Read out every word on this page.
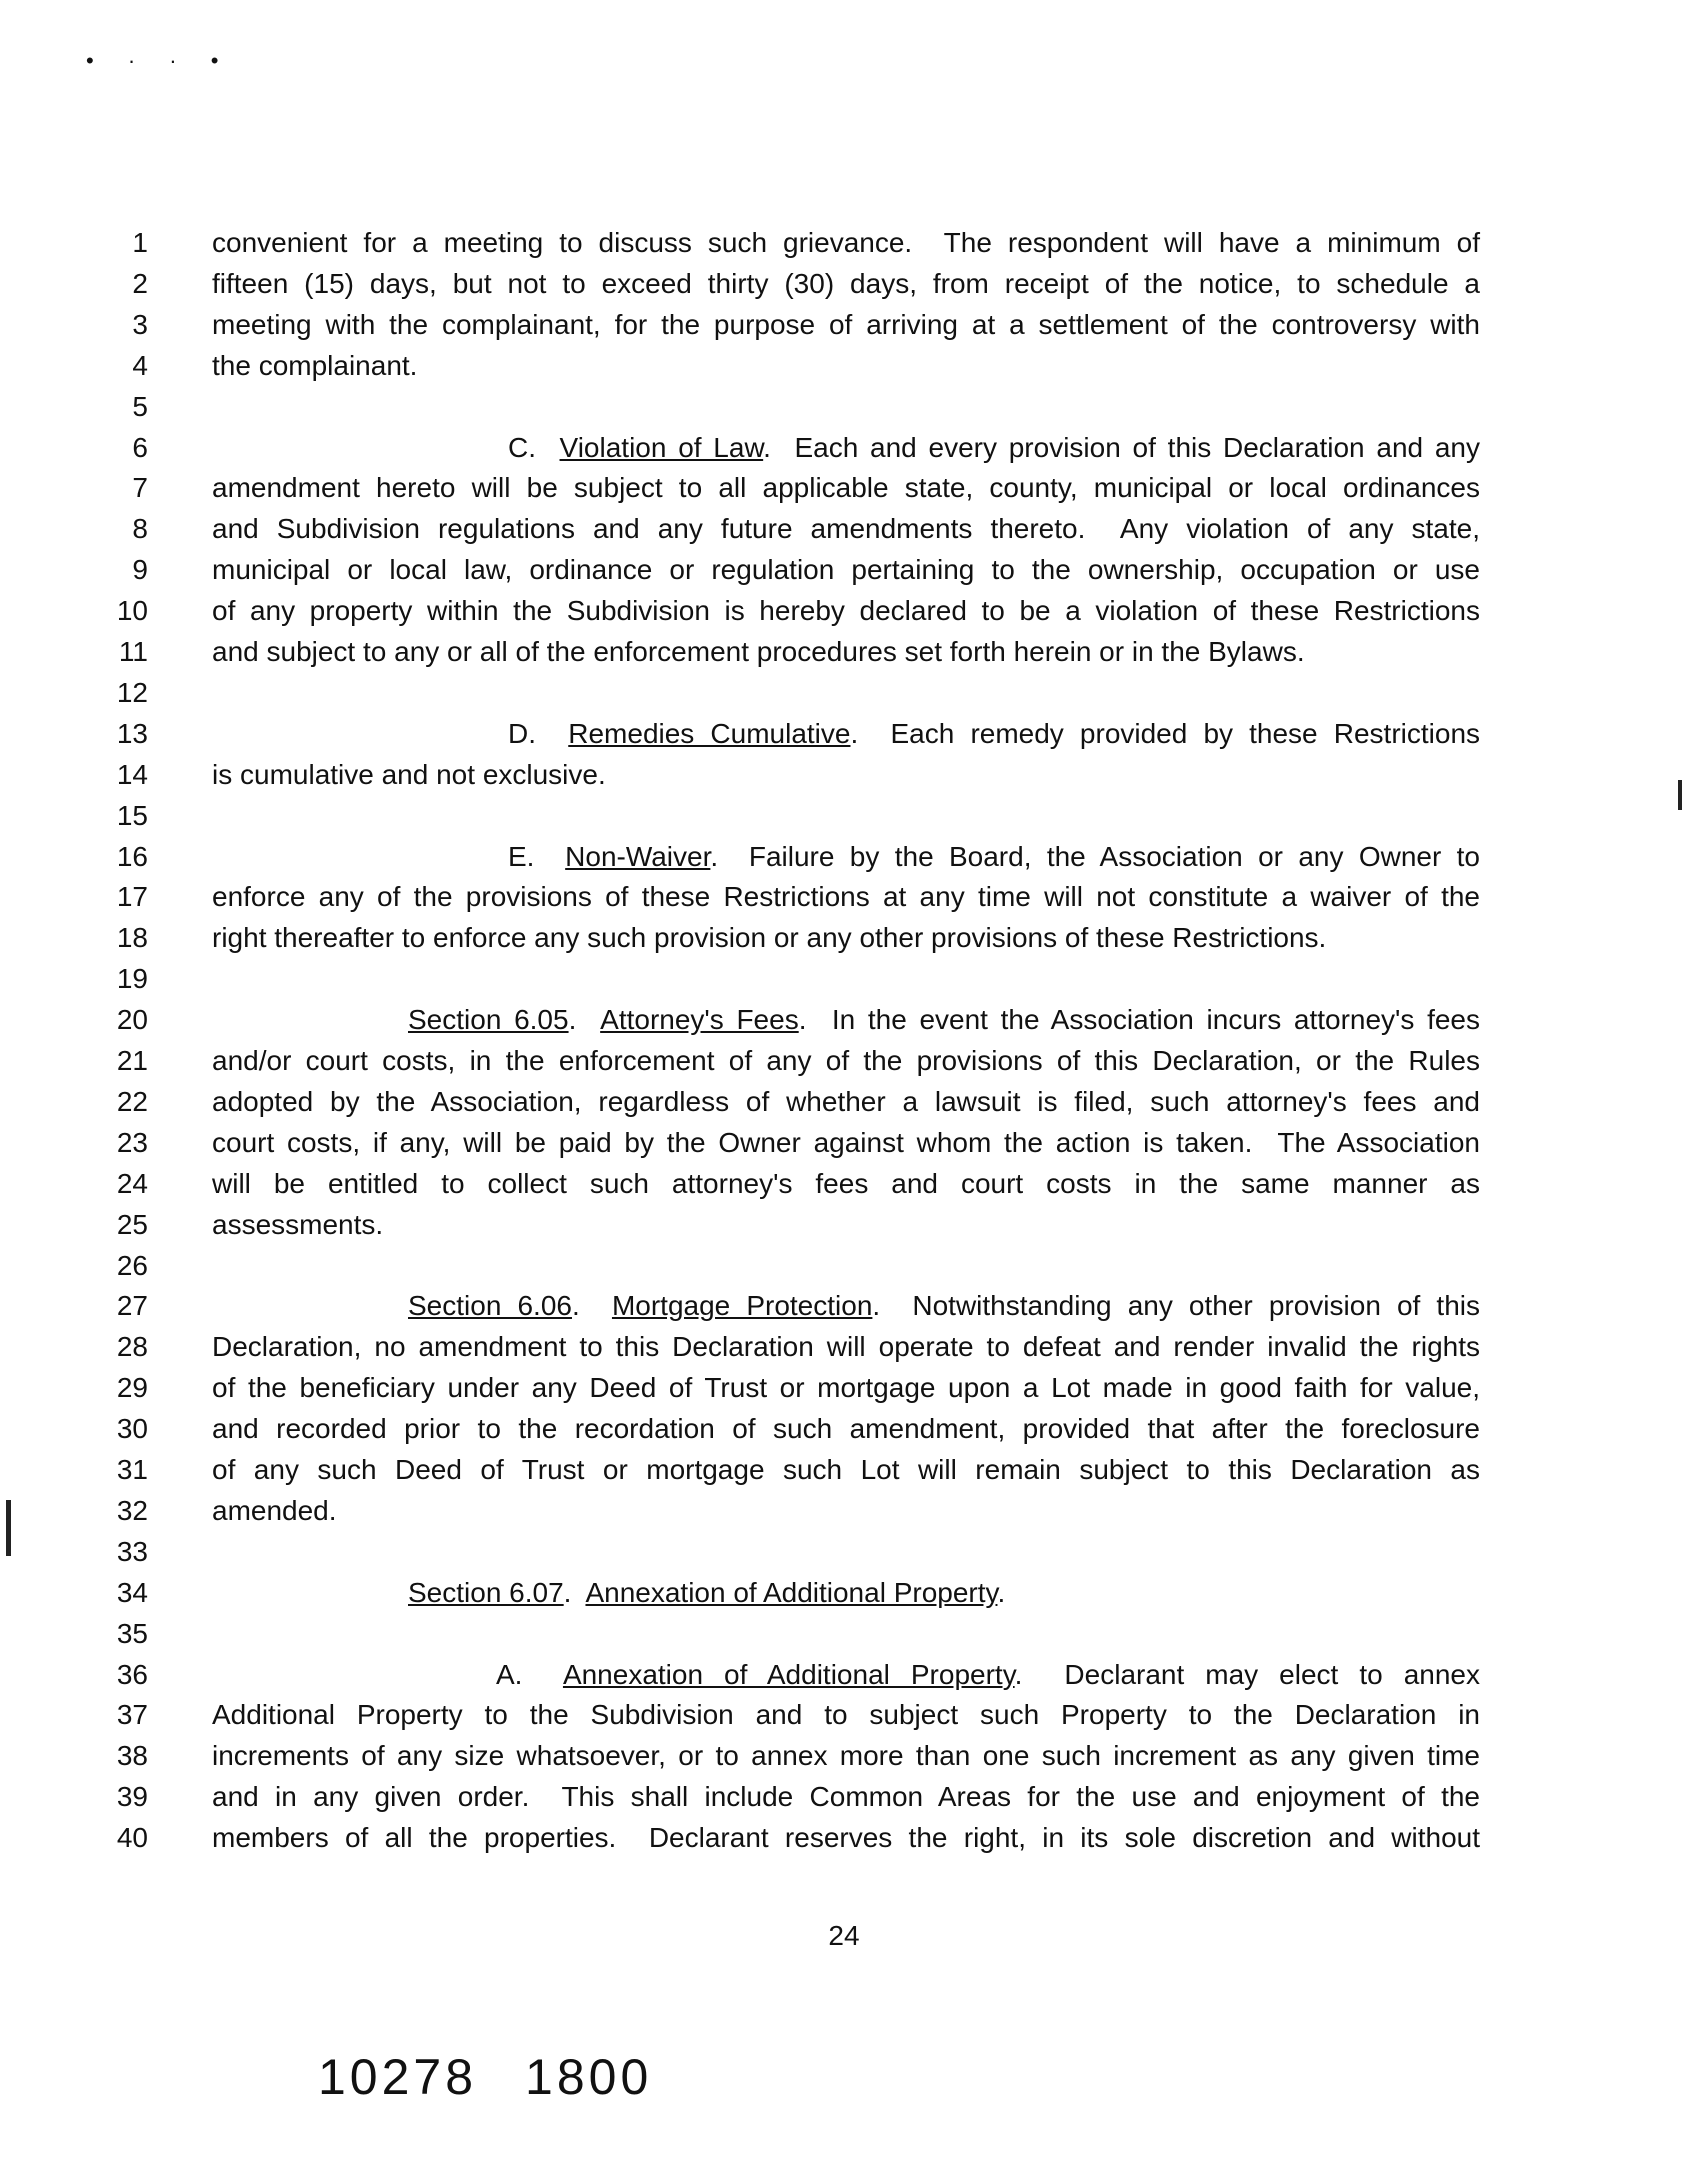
• · · •
1 convenient for a meeting to discuss such grievance.  The respondent will have a minimum of
2 fifteen (15) days, but not to exceed thirty (30) days, from receipt of the notice, to schedule a
3 meeting with the complainant, for the purpose of arriving at a settlement of the controversy with
4 the complainant.
5
6	C.  Violation of Law.  Each and every provision of this Declaration and any
7 amendment hereto will be subject to all applicable state, county, municipal or local ordinances
8 and Subdivision regulations and any future amendments thereto.  Any violation of any state,
9 municipal or local law, ordinance or regulation pertaining to the ownership, occupation or use
10 of any property within the Subdivision is hereby declared to be a violation of these Restrictions
11 and subject to any or all of the enforcement procedures set forth herein or in the Bylaws.
12
13	D.  Remedies Cumulative.  Each remedy provided by these Restrictions
14 is cumulative and not exclusive.
15
16	E.  Non-Waiver.  Failure by the Board, the Association or any Owner to
17 enforce any of the provisions of these Restrictions at any time will not constitute a waiver of the
18 right thereafter to enforce any such provision or any other provisions of these Restrictions.
19
20	Section 6.05.  Attorney's Fees.  In the event the Association incurs attorney's fees
21 and/or court costs, in the enforcement of any of the provisions of this Declaration, or the Rules
22 adopted by the Association, regardless of whether a lawsuit is filed, such attorney's fees and
23 court costs, if any, will be paid by the Owner against whom the action is taken.  The Association
24 will be entitled to collect such attorney's fees and court costs in the same manner as
25 assessments.
26
27	Section 6.06.  Mortgage Protection.  Notwithstanding any other provision of this
28 Declaration, no amendment to this Declaration will operate to defeat and render invalid the rights
29 of the beneficiary under any Deed of Trust or mortgage upon a Lot made in good faith for value,
30 and recorded prior to the recordation of such amendment, provided that after the foreclosure
31 of any such Deed of Trust or mortgage such Lot will remain subject to this Declaration as
32 amended.
33
34	Section 6.07.  Annexation of Additional Property.
35
36	A.  Annexation of Additional Property.  Declarant may elect to annex
37 Additional Property to the Subdivision and to subject such Property to the Declaration in
38 increments of any size whatsoever, or to annex more than one such increment as any given time
39 and in any given order.  This shall include Common Areas for the use and enjoyment of the
40 members of all the properties.  Declarant reserves the right, in its sole discretion and without
24
10278 1800
